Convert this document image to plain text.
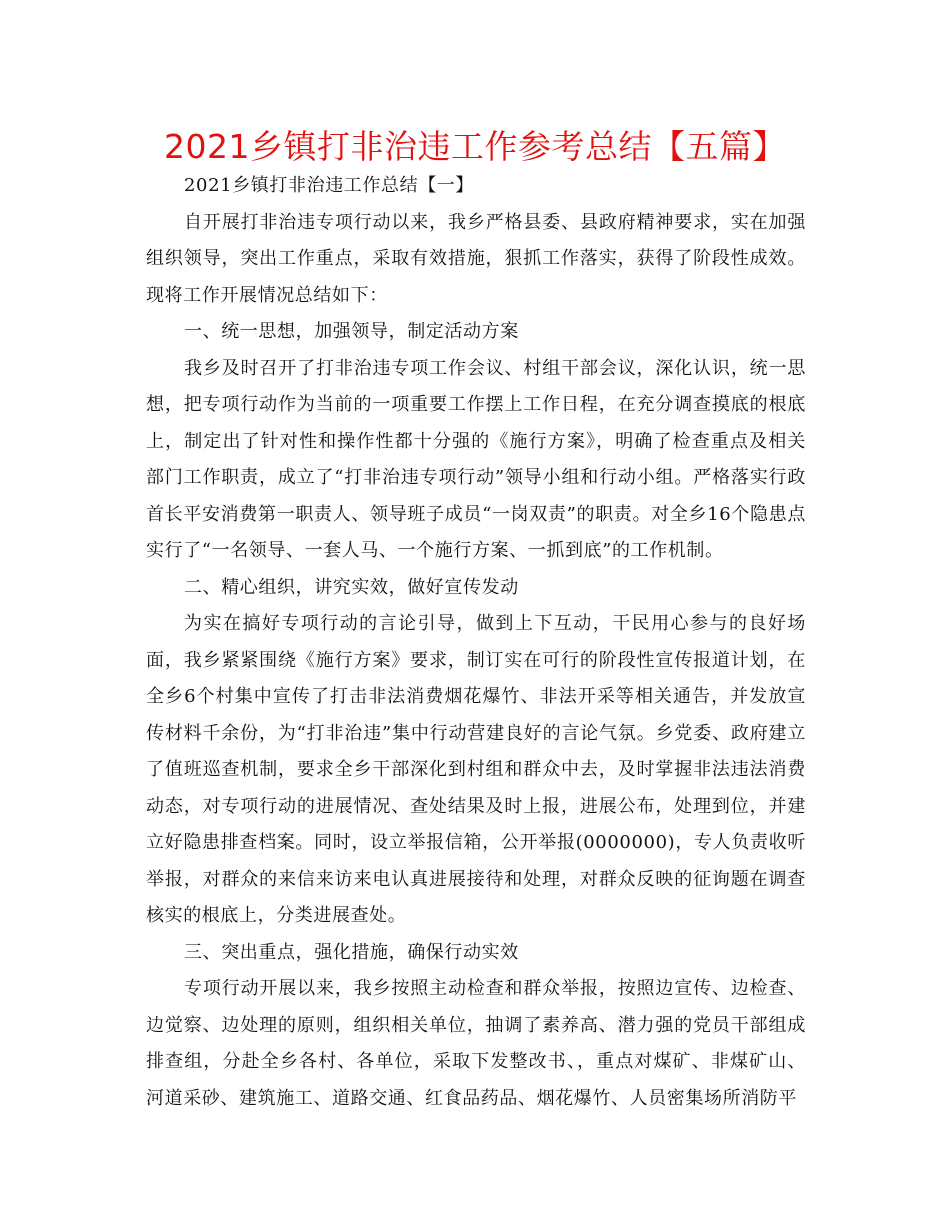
2021乡镇打非治违工作参考总结【五篇】

2021乡镇打非治违工作总结【一】

自开展打非治违专项行动以来，我乡严格县委、县政府精神要求，实在加强组织领导，突出工作重点，采取有效措施，狠抓工作落实，获得了阶段性成效。现将工作开展情况总结如下：

一、统一思想，加强领导，制定活动方案

我乡及时召开了打非治违专项工作会议、村组干部会议，深化认识，统一思想，把专项行动作为当前的一项重要工作摆上工作日程，在充分调查摸底的根底上，制定出了针对性和操作性都十分强的《施行方案》，明确了检查重点及相关部门工作职责，成立了“打非治违专项行动”领导小组和行动小组。严格落实行政首长平安消费第一职责人、领导班子成员“一岗双责”的职责。对全乡16个隐患点实行了“一名领导、一套人马、一个施行方案、一抓到底”的工作机制。

二、精心组织，讲究实效，做好宣传发动

为实在搞好专项行动的言论引导，做到上下互动，干民用心参与的良好场面，我乡紧紧围绕《施行方案》要求，制订实在可行的阶段性宣传报道计划，在全乡6个村集中宣传了打击非法消费烟花爆竹、非法开采等相关通告，并发放宣传材料千余份，为“打非治违”集中行动营建良好的言论气氛。乡党委、政府建立了值班巡查机制，要求全乡干部深化到村组和群众中去，及时掌握非法违法消费动态，对专项行动的进展情况、查处结果及时上报，进展公布，处理到位，并建立好隐患排查档案。同时，设立举报信箱，公开举报(0000000)，专人负责收听举报，对群众的来信来访来电认真进展接待和处理，对群众反映的征询题在调查核实的根底上，分类进展查处。

三、突出重点，强化措施，确保行动实效

专项行动开展以来，我乡按照主动检查和群众举报，按照边宣传、边检查、边觉察、边处理的原则，组织相关单位，抽调了素养高、潜力强的党员干部组成排查组，分赴全乡各村、各单位，采取下发整改书、，重点对煤矿、非煤矿山、河道采砂、建筑施工、道路交通、红食品药品、烟花爆竹、人员密集场所消防平
